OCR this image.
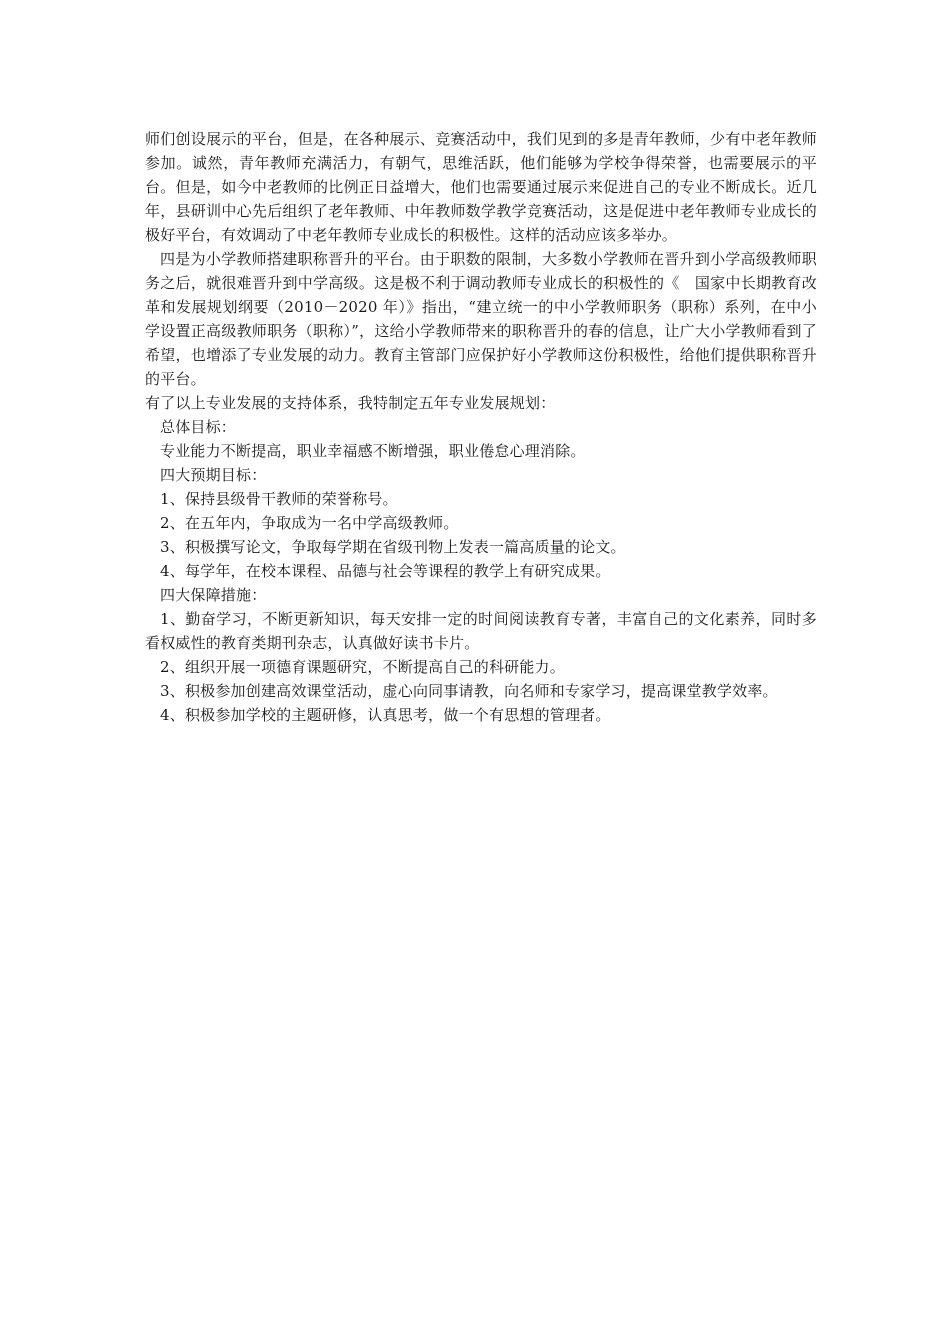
师们创设展示的平台，但是，在各种展示、竞赛活动中，我们见到的多是青年教师，少有中老年教师参加。诚然，青年教师充满活力，有朝气，思维活跃，他们能够为学校争得荣誉，也需要展示的平台。但是，如今中老教师的比例正日益增大，他们也需要通过展示来促进自己的专业不断成长。近几年，县研训中心先后组织了老年教师、中年教师数学教学竞赛活动，这是促进中老年教师专业成长的极好平台，有效调动了中老年教师专业成长的积极性。这样的活动应该多举办。

四是为小学教师搭建职称晋升的平台。由于职数的限制，大多数小学教师在晋升到小学高级教师职务之后，就很难晋升到中学高级。这是极不利于调动教师专业成长的积极性的《　国家中长期教育改革和发展规划纲要（2010－2020 年）》指出，“建立统一的中小学教师职务（职称）系列，在中小学设置正高级教师职务（职称）”，这给小学教师带来的职称晋升的春的信息，让广大小学教师看到了希望，也增添了专业发展的动力。教育主管部门应保护好小学教师这份积极性，给他们提供职称晋升的平台。

有了以上专业发展的支持体系，我特制定五年专业发展规划：

总体目标：

专业能力不断提高，职业幸福感不断增强，职业倦怠心理消除。

四大预期目标：

1、保持县级骨干教师的荣誉称号。

2、在五年内，争取成为一名中学高级教师。

3、积极撰写论文，争取每学期在省级刊物上发表一篇高质量的论文。

4、每学年，在校本课程、品德与社会等课程的教学上有研究成果。

四大保障措施：

1、勤奋学习，不断更新知识，每天安排一定的时间阅读教育专著，丰富自己的文化素养，同时多看权威性的教育类期刊杂志，认真做好读书卡片。

2、组织开展一项德育课题研究，不断提高自己的科研能力。

3、积极参加创建高效课堂活动，虚心向同事请教，向名师和专家学习，提高课堂教学效率。

4、积极参加学校的主题研修，认真思考，做一个有思想的管理者。
